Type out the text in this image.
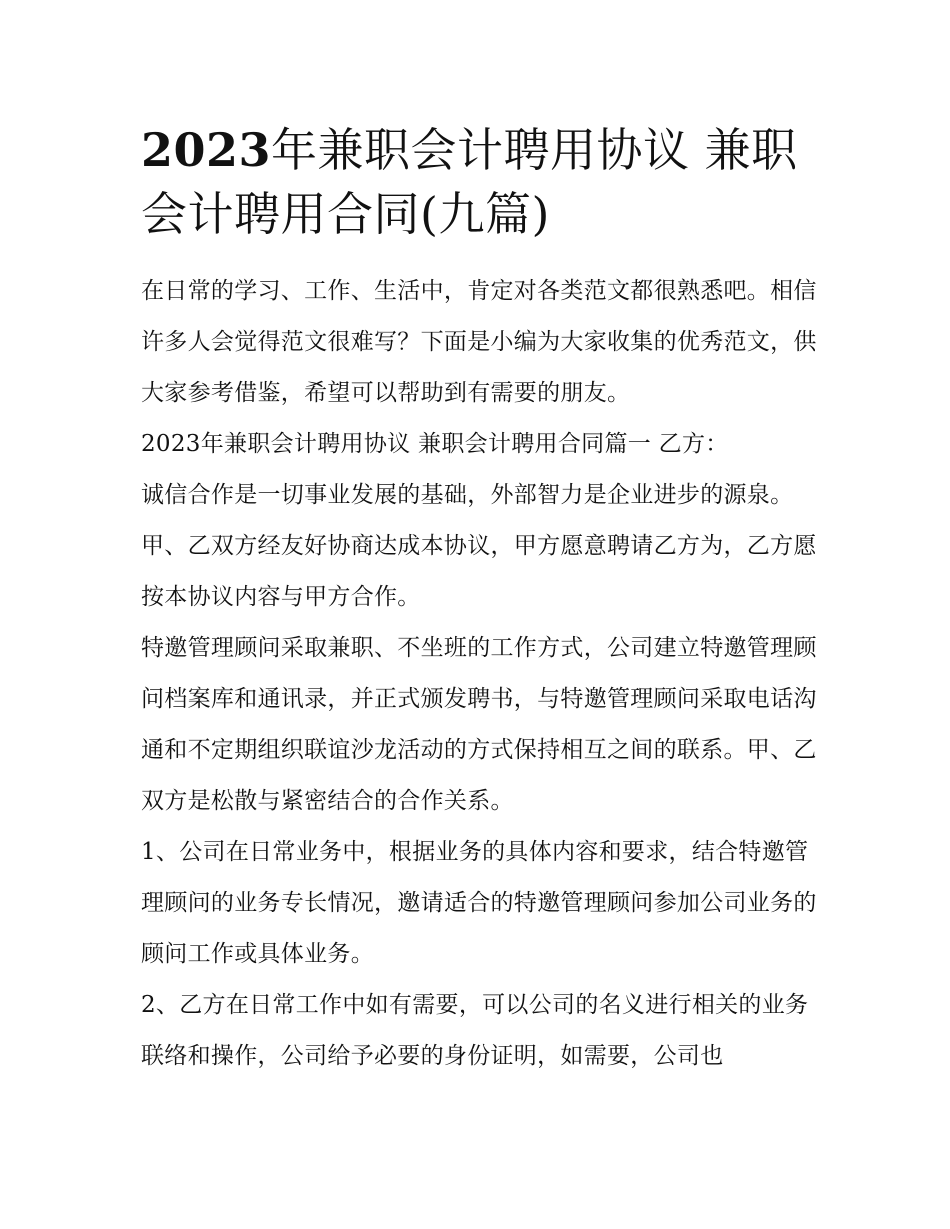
2023年兼职会计聘用协议 兼职会计聘用合同(九篇)

在日常的学习、工作、生活中，肯定对各类范文都很熟悉吧。相信许多人会觉得范文很难写？下面是小编为大家收集的优秀范文，供大家参考借鉴，希望可以帮助到有需要的朋友。

2023年兼职会计聘用协议 兼职会计聘用合同篇一 乙方：

诚信合作是一切事业发展的基础，外部智力是企业进步的源泉。甲、乙双方经友好协商达成本协议，甲方愿意聘请乙方为，乙方愿按本协议内容与甲方合作。

特邀管理顾问采取兼职、不坐班的工作方式，公司建立特邀管理顾问档案库和通讯录，并正式颁发聘书，与特邀管理顾问采取电话沟通和不定期组织联谊沙龙活动的方式保持相互之间的联系。甲、乙双方是松散与紧密结合的合作关系。

1、公司在日常业务中，根据业务的具体内容和要求，结合特邀管理顾问的业务专长情况，邀请适合的特邀管理顾问参加公司业务的顾问工作或具体业务。

2、乙方在日常工作中如有需要，可以公司的名义进行相关的业务联络和操作，公司给予必要的身份证明，如需要，公司也
